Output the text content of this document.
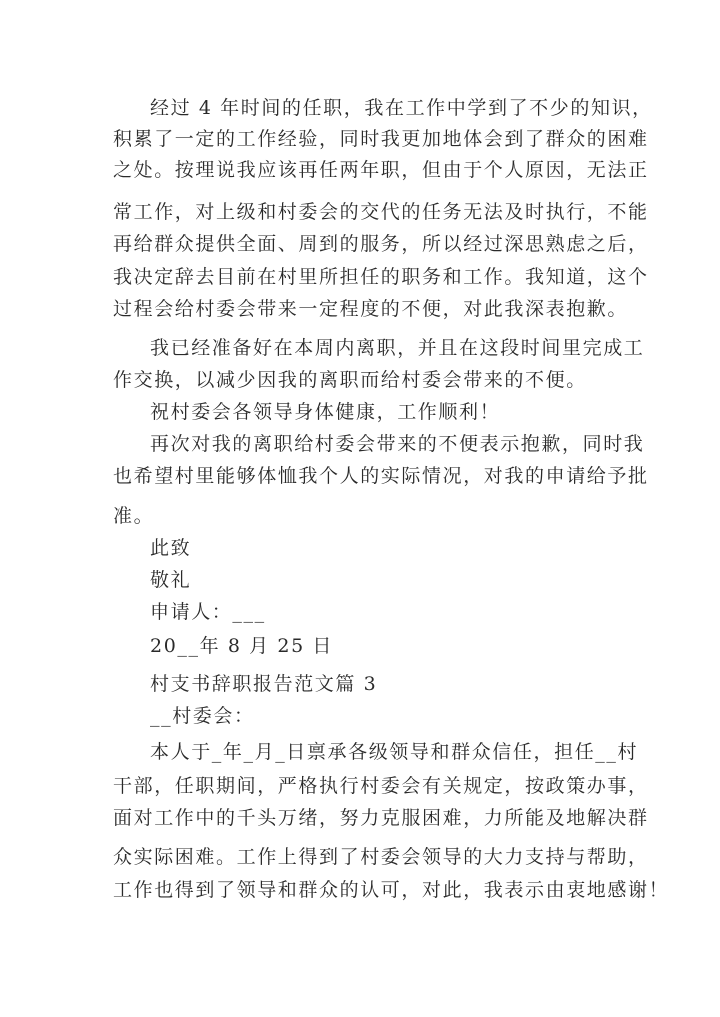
经过 4 年时间的任职，我在工作中学到了不少的知识，
积累了一定的工作经验，同时我更加地体会到了群众的困难
之处。按理说我应该再任两年职，但由于个人原因，无法正
常工作，对上级和村委会的交代的任务无法及时执行，不能
再给群众提供全面、周到的服务，所以经过深思熟虑之后，
我决定辞去目前在村里所担任的职务和工作。我知道，这个
过程会给村委会带来一定程度的不便，对此我深表抱歉。
我已经准备好在本周内离职，并且在这段时间里完成工
作交换，以减少因我的离职而给村委会带来的不便。
祝村委会各领导身体健康，工作顺利！
再次对我的离职给村委会带来的不便表示抱歉，同时我
也希望村里能够体恤我个人的实际情况，对我的申请给予批
准。
此致
敬礼
申请人：___
20__年 8 月 25 日
村支书辞职报告范文篇 3
__村委会：
本人于_年_月_日禀承各级领导和群众信任，担任__村
干部，任职期间，严格执行村委会有关规定，按政策办事，
面对工作中的千头万绪，努力克服困难，力所能及地解决群
众实际困难。工作上得到了村委会领导的大力支持与帮助，
工作也得到了领导和群众的认可，对此，我表示由衷地感谢！
